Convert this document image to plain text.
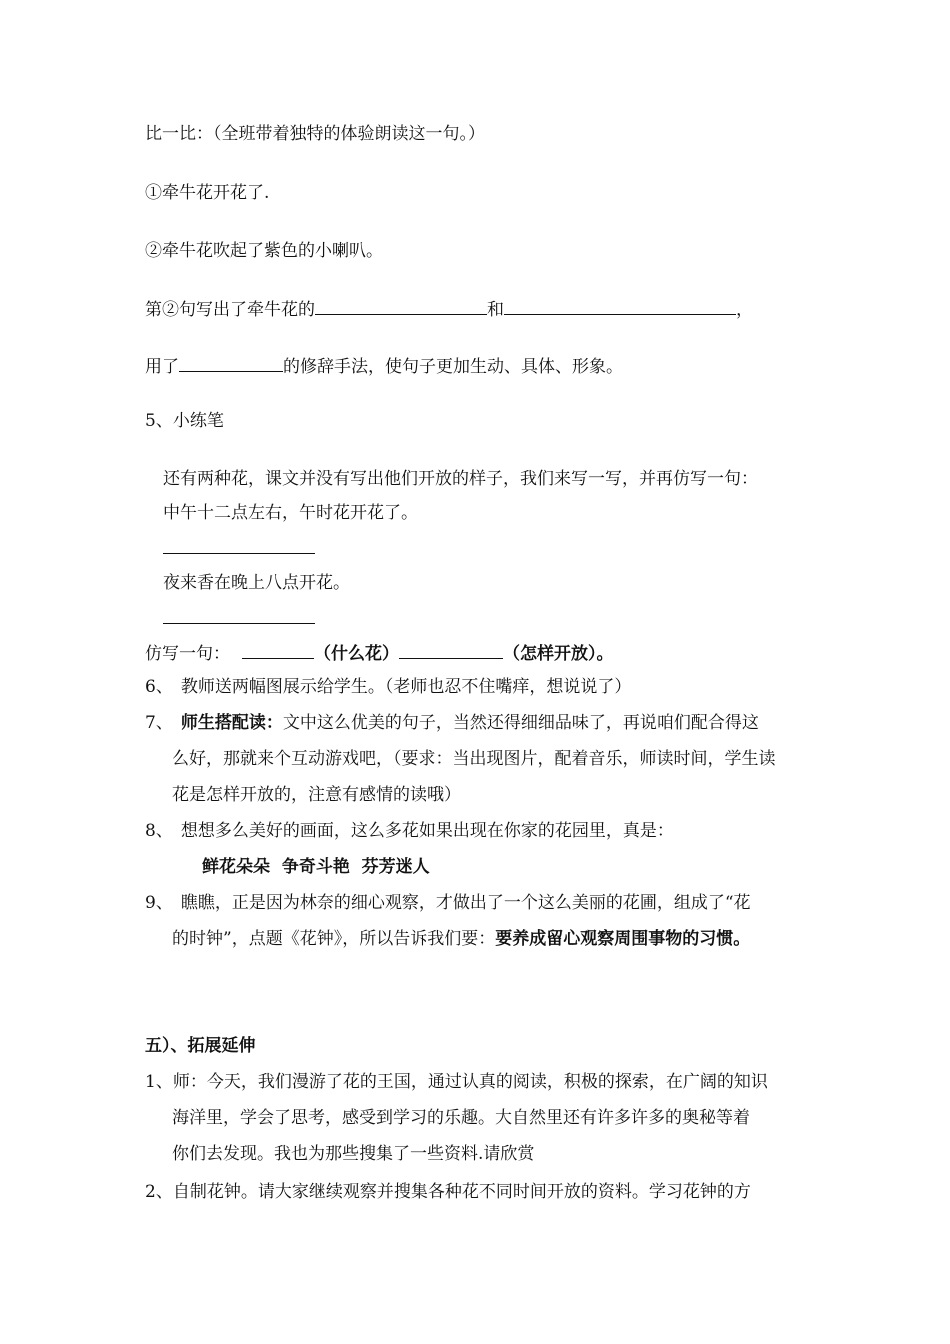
比一比：（全班带着独特的体验朗读这一句。）
①牵牛花开花了.
②牵牛花吹起了紫色的小喇叭。
第②句写出了牵牛花的	和	，
用了	的修辞手法，使句子更加生动、具体、形象。
5、小练笔
还有两种花，课文并没有写出他们开放的样子，我们来写一写，并再仿写一句：
中午十二点左右，午时花开花了。
夜来香在晚上八点开花。
仿写一句：	（什么花）	（怎样开放）。
6、 教师送两幅图展示给学生。（老师也忍不住嘴痒，想说说了）
7、 师生搭配读：文中这么优美的句子，当然还得细细品味了，再说咱们配合得这
么好，那就来个互动游戏吧，（要求：当出现图片，配着音乐，师读时间，学生读
花是怎样开放的，注意有感情的读哦）
8、 想想多么美好的画面，这么多花如果出现在你家的花园里，真是：
鲜花朵朵  争奇斗艳  芬芳迷人
9、 瞧瞧，正是因为林奈的细心观察，才做出了一个这么美丽的花圃，组成了“花
的时钟”，点题《花钟》，所以告诉我们要：要养成留心观察周围事物的习惯。
五）、拓展延伸
1、师：今天，我们漫游了花的王国，通过认真的阅读，积极的探索，在广阔的知识
海洋里，学会了思考，感受到学习的乐趣。大自然里还有许多许多的奥秘等着
你们去发现。我也为那些搜集了一些资料.请欣赏
2、自制花钟。请大家继续观察并搜集各种花不同时间开放的资料。学习花钟的方
